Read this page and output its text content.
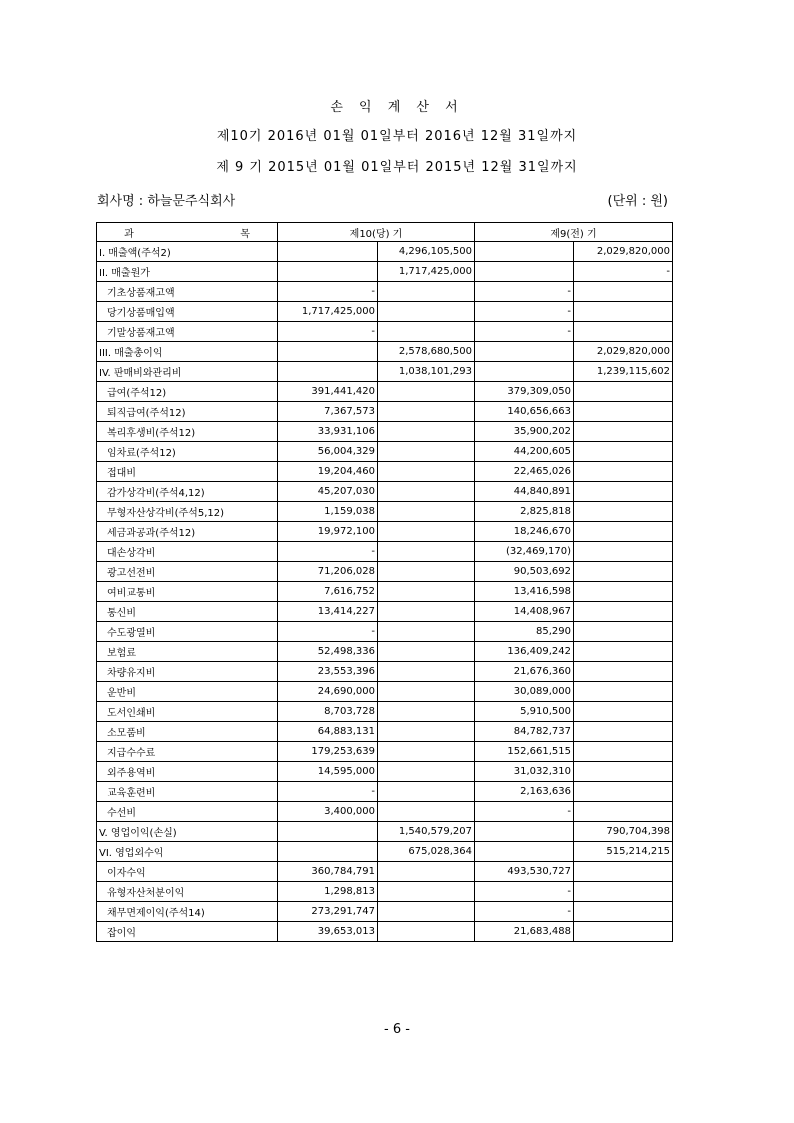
손 익 계 산 서
제10기 2016년 01월 01일부터 2016년 12월 31일까지
제 9 기 2015년 01월 01일부터 2015년 12월 31일까지
회사명 : 하늘문주식회사	(단위 : 원)
과 목	제10(당) 기		제9(전) 기	
I. 매출액(주석2)		4,296,105,500		2,029,820,000
II. 매출원가		1,717,425,000		-
기초상품재고액	-		-	
당기상품매입액	1,717,425,000		-	
기말상품재고액	-		-	
III. 매출총이익		2,578,680,500		2,029,820,000
IV. 판매비와관리비		1,038,101,293		1,239,115,602
급여(주석12)	391,441,420		379,309,050	
퇴직급여(주석12)	7,367,573		140,656,663	
복리후생비(주석12)	33,931,106		35,900,202	
임차료(주석12)	56,004,329		44,200,605	
접대비	19,204,460		22,465,026	
감가상각비(주석4,12)	45,207,030		44,840,891	
무형자산상각비(주석5,12)	1,159,038		2,825,818	
세금과공과(주석12)	19,972,100		18,246,670	
대손상각비	-		(32,469,170)	
광고선전비	71,206,028		90,503,692	
여비교통비	7,616,752		13,416,598	
통신비	13,414,227		14,408,967	
수도광열비	-		85,290	
보험료	52,498,336		136,409,242	
차량유지비	23,553,396		21,676,360	
운반비	24,690,000		30,089,000	
도서인쇄비	8,703,728		5,910,500	
소모품비	64,883,131		84,782,737	
지급수수료	179,253,639		152,661,515	
외주용역비	14,595,000		31,032,310	
교육훈련비	-		2,163,636	
수선비	3,400,000		-	
V. 영업이익(손실)		1,540,579,207		790,704,398
VI. 영업외수익		675,028,364		515,214,215
이자수익	360,784,791		493,530,727	
유형자산처분이익	1,298,813		-	
채무면제이익(주석14)	273,291,747		-	
잡이익	39,653,013		21,683,488	
- 6 -
